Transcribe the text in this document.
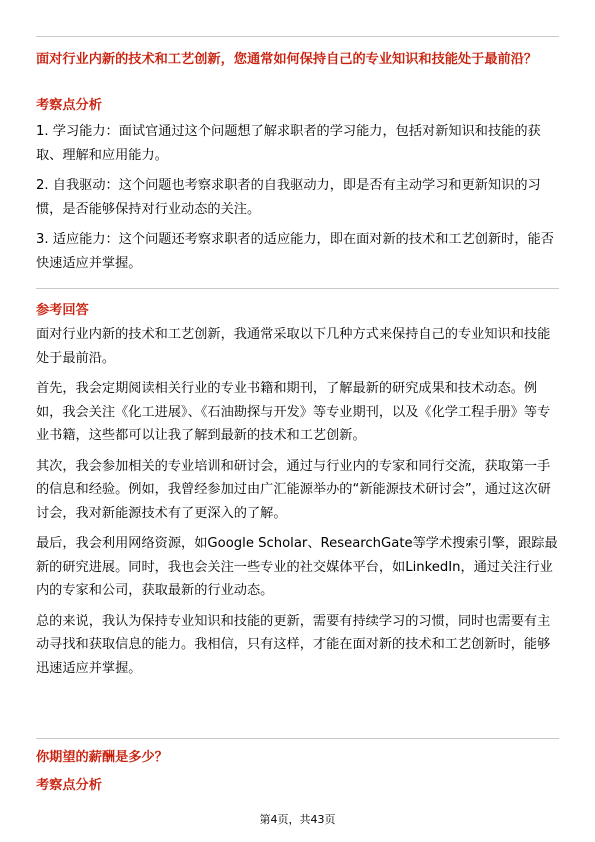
面对行业内新的技术和工艺创新，您通常如何保持自己的专业知识和技能处于最前沿？
考察点分析

1. 学习能力：面试官通过这个问题想了解求职者的学习能力，包括对新知识和技能的获取、理解和应用能力。

2. 自我驱动：这个问题也考察求职者的自我驱动力，即是否有主动学习和更新知识的习惯，是否能够保持对行业动态的关注。

3. 适应能力：这个问题还考察求职者的适应能力，即在面对新的技术和工艺创新时，能否快速适应并掌握。

参考回答

面对行业内新的技术和工艺创新，我通常采取以下几种方式来保持自己的专业知识和技能处于最前沿。

首先，我会定期阅读相关行业的专业书籍和期刊，了解最新的研究成果和技术动态。例如，我会关注《化工进展》、《石油勘探与开发》等专业期刊，以及《化学工程手册》等专业书籍，这些都可以让我了解到最新的技术和工艺创新。

其次，我会参加相关的专业培训和研讨会，通过与行业内的专家和同行交流，获取第一手的信息和经验。例如，我曾经参加过由广汇能源举办的“新能源技术研讨会”，通过这次研讨会，我对新能源技术有了更深入的了解。

最后，我会利用网络资源，如Google Scholar、ResearchGate等学术搜索引擎，跟踪最新的研究进展。同时，我也会关注一些专业的社交媒体平台，如LinkedIn，通过关注行业内的专家和公司，获取最新的行业动态。

总的来说，我认为保持专业知识和技能的更新，需要有持续学习的习惯，同时也需要有主动寻找和获取信息的能力。我相信，只有这样，才能在面对新的技术和工艺创新时，能够迅速适应并掌握。

你期望的薪酬是多少？
考察点分析
第4页，共43页
